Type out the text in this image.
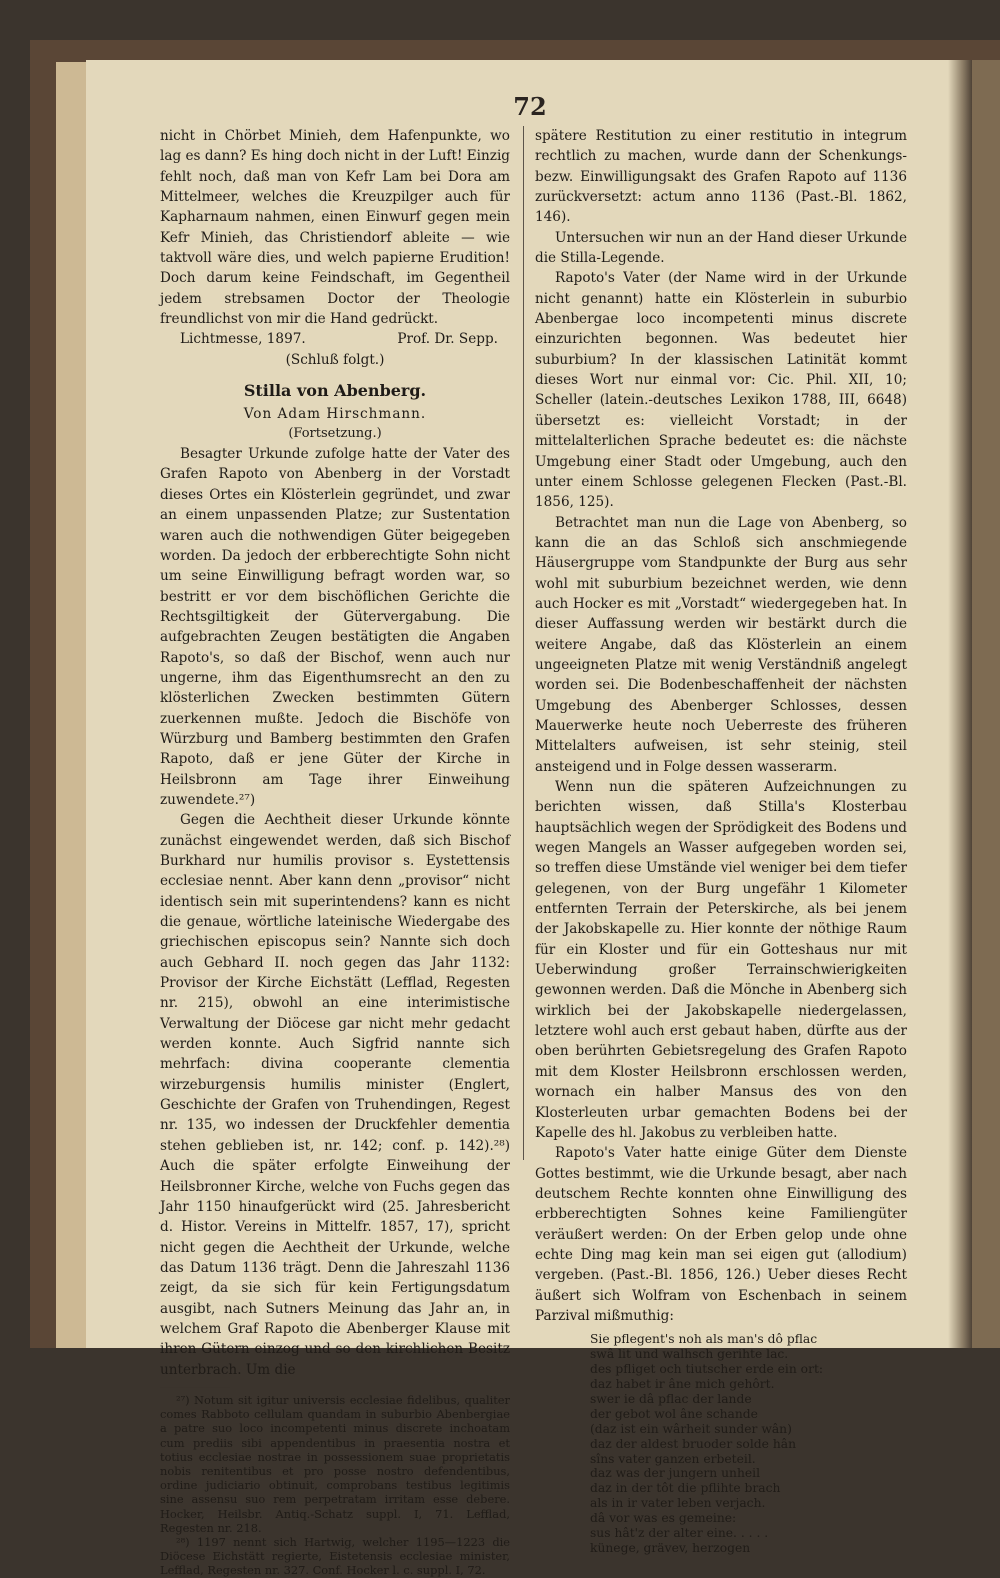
72

nicht in Chörbet Minieh, dem Hafenpunkte, wo lag es dann? Es hing doch nicht in der Luft! Einzig fehlt noch, daß man von Kefr Lam bei Dora am Mittelmeer, welches die Kreuzpilger auch für Kapharnaum nahmen, einen Einwurf gegen mein Kefr Minieh, das Christiendorf ableite — wie taktvoll wäre dies, und welch papierne Erudition! Doch darum keine Feindschaft, im Gegentheil jedem strebsamen Doctor der Theologie freundlichst von mir die Hand gedrückt.

Lichtmesse, 1897.	Prof. Dr. Sepp.

(Schluß folgt.)

Stilla von Abenberg.
Von Adam Hirschmann.
(Fortsetzung.)

Besagter Urkunde zufolge hatte der Vater des Grafen Rapoto von Abenberg in der Vorstadt dieses Ortes ein Klösterlein gegründet, und zwar an einem unpassenden Platze; zur Sustentation waren auch die nothwendigen Güter beigegeben worden. Da jedoch der erbberechtigte Sohn nicht um seine Einwilligung befragt worden war, so bestritt er vor dem bischöflichen Gerichte die Rechtsgiltigkeit der Gütervergabung. Die aufgebrachten Zeugen bestätigten die Angaben Rapoto's, so daß der Bischof, wenn auch nur ungerne, ihm das Eigenthumsrecht an den zu klösterlichen Zwecken bestimmten Gütern zuerkennen mußte. Jedoch die Bischöfe von Würzburg und Bamberg bestimmten den Grafen Rapoto, daß er jene Güter der Kirche in Heilsbronn am Tage ihrer Einweihung zuwendete.²⁷)

Gegen die Aechtheit dieser Urkunde könnte zunächst eingewendet werden, daß sich Bischof Burkhard nur humilis provisor s. Eystettensis ecclesiae nennt. Aber kann denn „provisor“ nicht identisch sein mit superintendens? kann es nicht die genaue, wörtliche lateinische Wiedergabe des griechischen episcopus sein? Nannte sich doch auch Gebhard II. noch gegen das Jahr 1132: Provisor der Kirche Eichstätt (Lefflad, Regesten nr. 215), obwohl an eine interimistische Verwaltung der Diöcese gar nicht mehr gedacht werden konnte. Auch Sigfrid nannte sich mehrfach: divina cooperante clementia wirzeburgensis humilis minister (Englert, Geschichte der Grafen von Truhendingen, Regest nr. 135, wo indessen der Druckfehler dementia stehen geblieben ist, nr. 142; conf. p. 142).²⁸) Auch die später erfolgte Einweihung der Heilsbronner Kirche, welche von Fuchs gegen das Jahr 1150 hinaufgerückt wird (25. Jahresbericht d. Histor. Vereins in Mittelfr. 1857, 17), spricht nicht gegen die Aechtheit der Urkunde, welche das Datum 1136 trägt. Denn die Jahreszahl 1136 zeigt, da sie sich für kein Fertigungsdatum ausgibt, nach Sutners Meinung das Jahr an, in welchem Graf Rapoto die Abenberger Klause mit ihren Gütern einzog und so den kirchlichen Besitz unterbrach. Um die

²⁷) Notum sit igitur universis ecclesiae fidelibus, qualiter comes Rabboto cellulam quandam in suburbio Abenbergiae a patre suo loco incompetenti minus discrete inchoatam cum prediis sibi appendentibus in praesentia nostra et totius ecclesiae nostrae in possessionem suae proprietatis nobis renitentibus et pro posse nostro defendentibus, ordine judiciario obtinuit, comprobans testibus legitimis sine assensu suo rem perpetratam irritam esse debere. Hocker, Heilsbr. Antiq.-Schatz suppl. I, 71. Lefflad, Regesten nr. 218.

²⁸) 1197 nennt sich Hartwig, welcher 1195—1223 die Diöcese Eichstätt regierte, Eistetensis ecclesiae minister, Lefflad, Regesten nr. 327. Conf. Hocker l. c. suppl. I, 72.

spätere Restitution zu einer restitutio in integrum rechtlich zu machen, wurde dann der Schenkungs- bezw. Einwilligungsakt des Grafen Rapoto auf 1136 zurückversetzt: actum anno 1136 (Past.-Bl. 1862, 146).

Untersuchen wir nun an der Hand dieser Urkunde die Stilla-Legende.

Rapoto's Vater (der Name wird in der Urkunde nicht genannt) hatte ein Klösterlein in suburbio Abenbergae loco incompetenti minus discrete einzurichten begonnen. Was bedeutet hier suburbium? In der klassischen Latinität kommt dieses Wort nur einmal vor: Cic. Phil. XII, 10; Scheller (latein.-deutsches Lexikon 1788, III, 6648) übersetzt es: vielleicht Vorstadt; in der mittelalterlichen Sprache bedeutet es: die nächste Umgebung einer Stadt oder Umgebung, auch den unter einem Schlosse gelegenen Flecken (Past.-Bl. 1856, 125).

Betrachtet man nun die Lage von Abenberg, so kann die an das Schloß sich anschmiegende Häusergruppe vom Standpunkte der Burg aus sehr wohl mit suburbium bezeichnet werden, wie denn auch Hocker es mit „Vorstadt“ wiedergegeben hat. In dieser Auffassung werden wir bestärkt durch die weitere Angabe, daß das Klösterlein an einem ungeeigneten Platze mit wenig Verständniß angelegt worden sei. Die Bodenbeschaffenheit der nächsten Umgebung des Abenberger Schlosses, dessen Mauerwerke heute noch Ueberreste des früheren Mittelalters aufweisen, ist sehr steinig, steil ansteigend und in Folge dessen wasserarm.

Wenn nun die späteren Aufzeichnungen zu berichten wissen, daß Stilla's Klosterbau hauptsächlich wegen der Sprödigkeit des Bodens und wegen Mangels an Wasser aufgegeben worden sei, so treffen diese Umstände viel weniger bei dem tiefer gelegenen, von der Burg ungefähr 1 Kilometer entfernten Terrain der Peterskirche, als bei jenem der Jakobskapelle zu. Hier konnte der nöthige Raum für ein Kloster und für ein Gotteshaus nur mit Ueberwindung großer Terrainschwierigkeiten gewonnen werden. Daß die Mönche in Abenberg sich wirklich bei der Jakobskapelle niedergelassen, letztere wohl auch erst gebaut haben, dürfte aus der oben berührten Gebietsregelung des Grafen Rapoto mit dem Kloster Heilsbronn erschlossen werden, wornach ein halber Mansus des von den Klosterleuten urbar gemachten Bodens bei der Kapelle des hl. Jakobus zu verbleiben hatte.

Rapoto's Vater hatte einige Güter dem Dienste Gottes bestimmt, wie die Urkunde besagt, aber nach deutschem Rechte konnten ohne Einwilligung des erbberechtigten Sohnes keine Familiengüter veräußert werden: On der Erben gelop unde ohne echte Ding mag kein man sei eigen gut (allodium) vergeben. (Past.-Bl. 1856, 126.) Ueber dieses Recht äußert sich Wolfram von Eschenbach in seinem Parzival mißmuthig:

Sie pflegent's noh als man's dô pflac

swâ lit und walhsch gerihte lac.

des pfliget och tiutscher erde ein ort:

daz habet ir âne mich gehôrt.

swer ie dâ pflac der lande

der gebot wol âne schande

(daz ist ein wârheit sunder wân)

daz der aldest bruoder solde hân

sîns vater ganzen erbeteil.

daz was der jungern unheil

daz in der tôt die pflihte brach

als in ir vater leben verjach.

dâ vor was es gemeine:

sus hât'z der alter eine. . . . .

künege, grävev, herzogen
